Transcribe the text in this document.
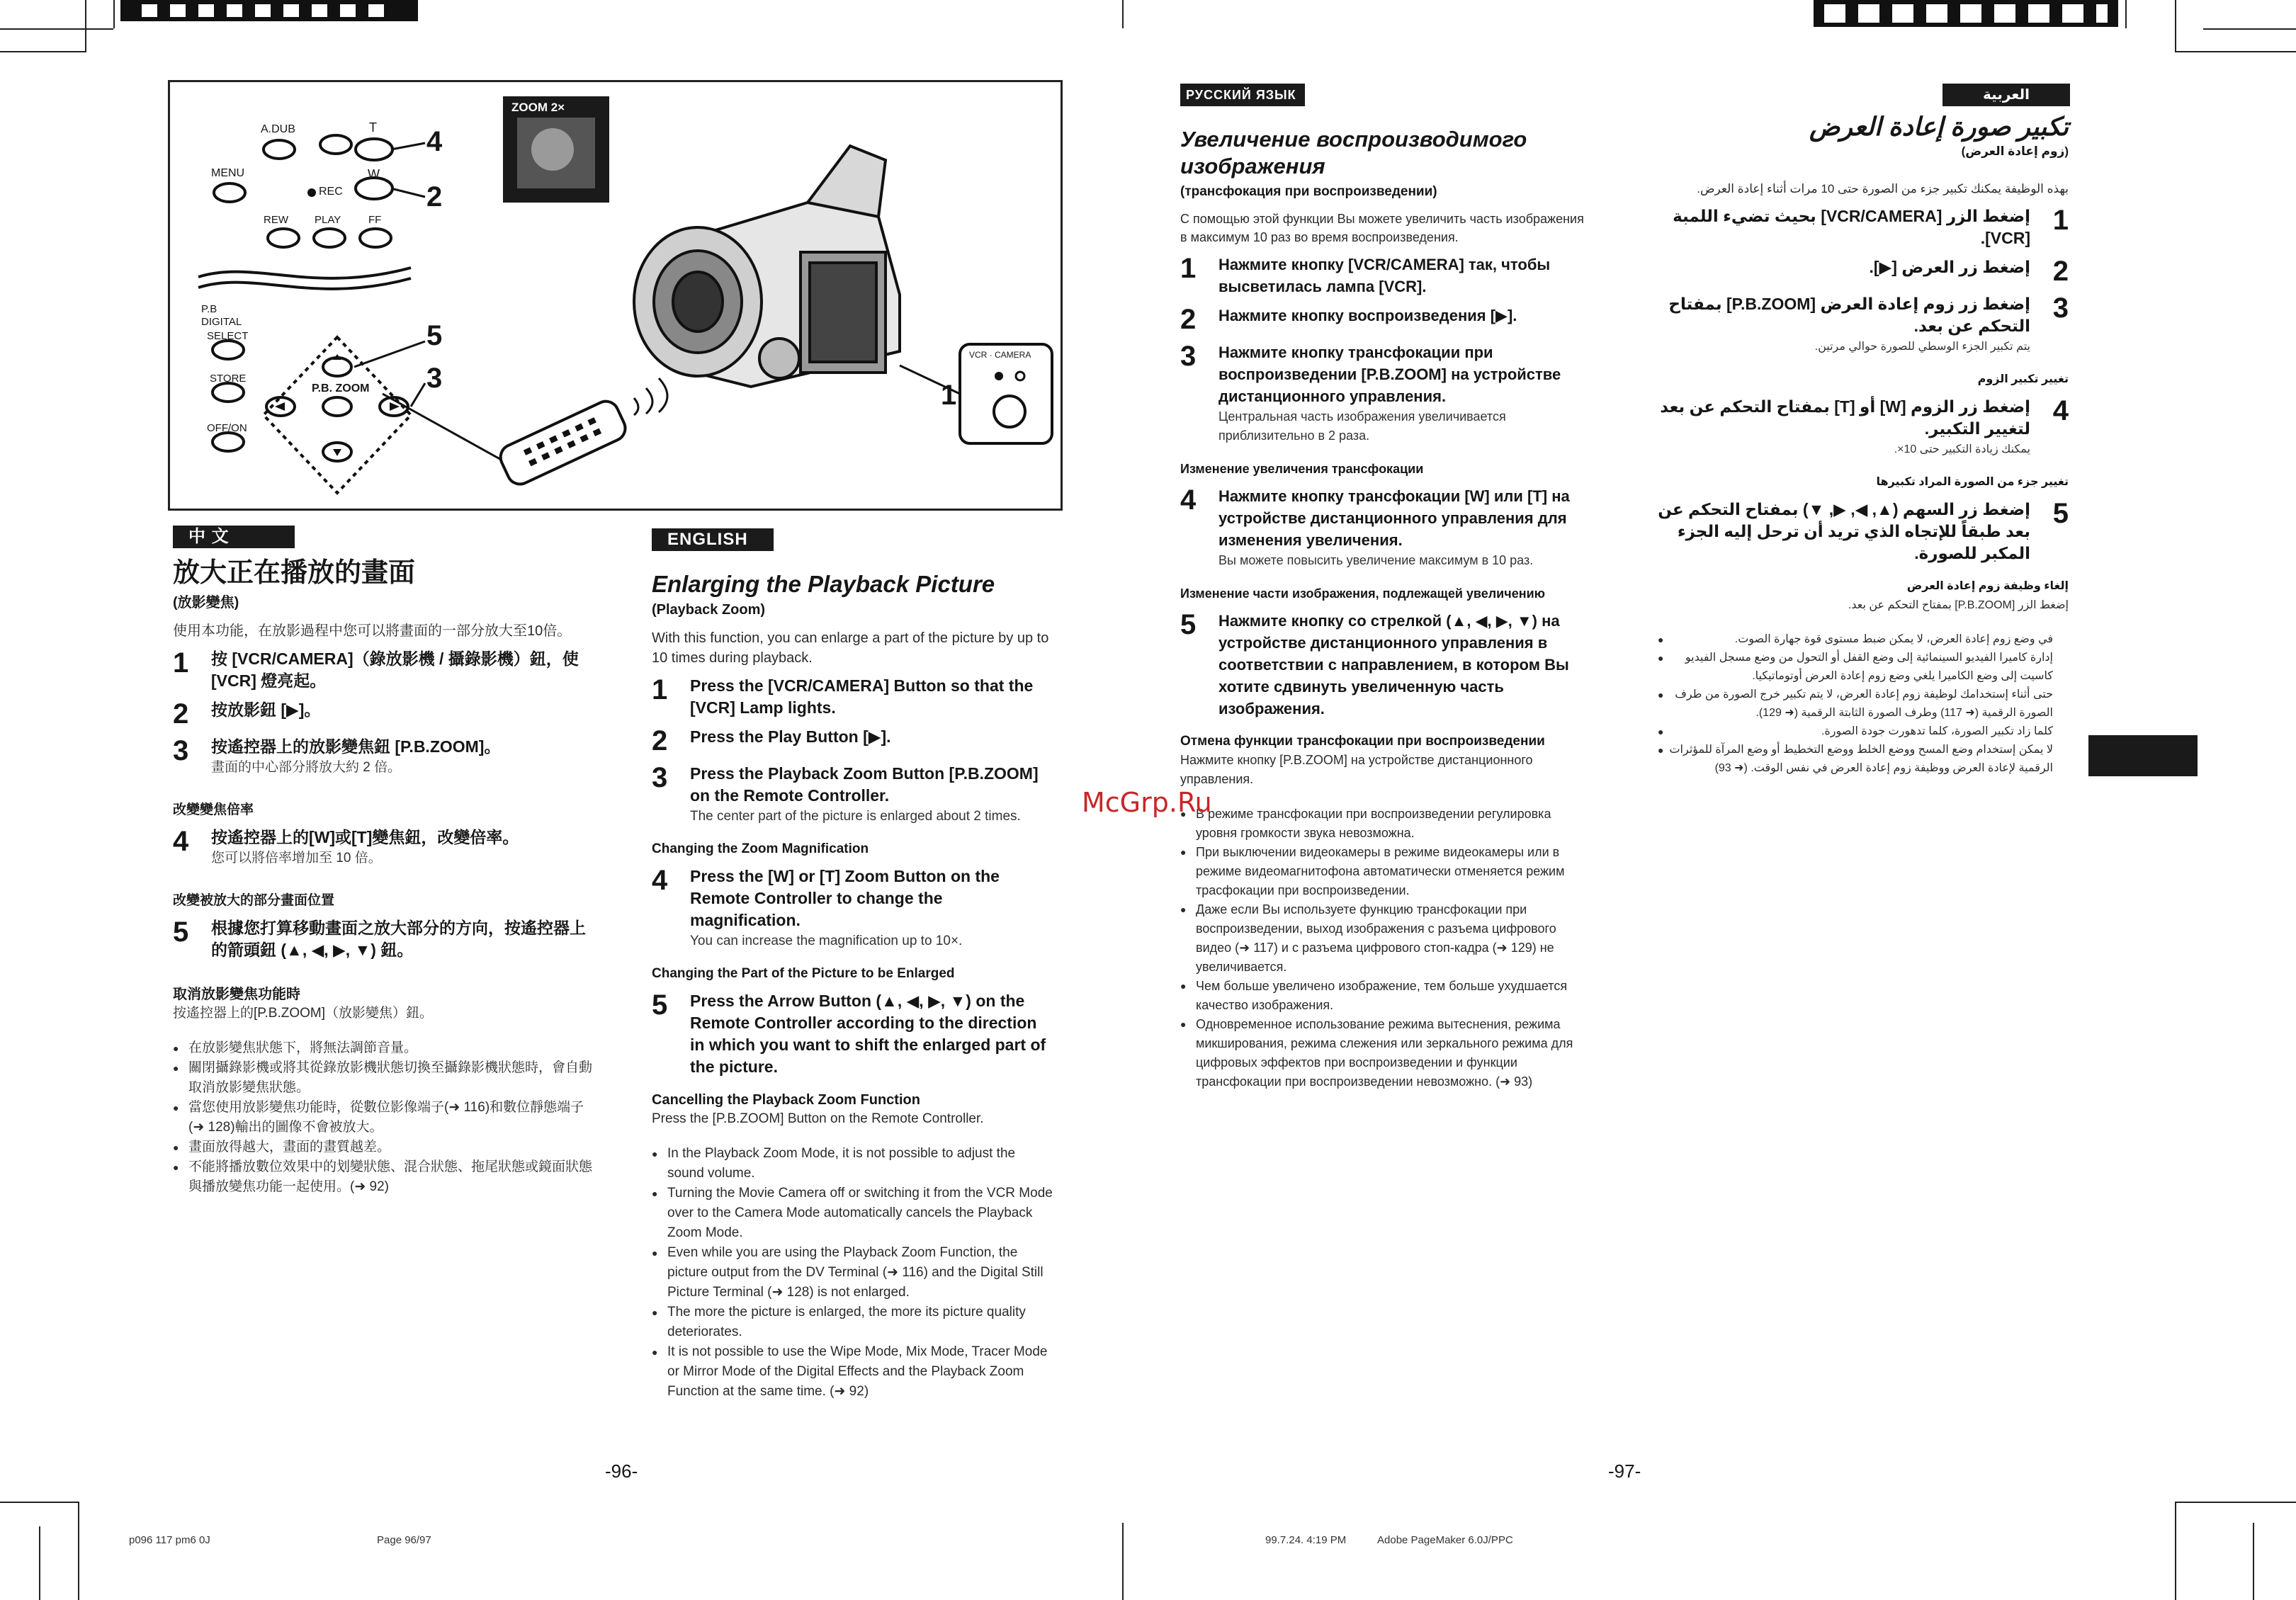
A.DUB	T
W
MENU
REC
REW PLAY	FF
P.B DIGITAL
SELECT
STORE
OFF/ON
P.B. ZOOM
4
2
5
3
1
ZOOM 2×
VCR · CAMERA
中 文
放大正在播放的畫面
(放影變焦)
使用本功能，在放影過程中您可以將畫面的一部分放大至10倍。
1	按 [VCR/CAMERA]（錄放影機 / 攝錄影機）鈕，使 [VCR] 燈亮起。
2	按放影鈕 [▶]。
3	按遙控器上的放影變焦鈕 [P.B.ZOOM]。
畫面的中心部分將放大約 2 倍。
改變變焦倍率
4	按遙控器上的[W]或[T]變焦鈕，改變倍率。
您可以將倍率增加至 10 倍。
改變被放大的部分畫面位置
5	根據您打算移動畫面之放大部分的方向，按遙控器上的箭頭鈕 (▲, ◀, ▶, ▼) 鈕。
取消放影變焦功能時
按遙控器上的[P.B.ZOOM]（放影變焦）鈕。
● 在放影變焦狀態下，將無法調節音量。
● 關閉攝錄影機或將其從錄放影機狀態切換至攝錄影機狀態時，會自動取消放影變焦狀態。
● 當您使用放影變焦功能時，從數位影像端子(➜ 116)和數位靜態端子(➜ 128)輸出的圖像不會被放大。
● 畫面放得越大，畫面的畫質越差。
● 不能將播放數位效果中的划變狀態、混合狀態、拖尾狀態或鏡面狀態與播放變焦功能一起使用。(➜ 92)
ENGLISH
Enlarging the Playback Picture
(Playback Zoom)
With this function, you can enlarge a part of the picture by up to 10 times during playback.
1	Press the [VCR/CAMERA] Button so that the [VCR] Lamp lights.
2	Press the Play Button [▶].
3	Press the Playback Zoom Button [P.B.ZOOM] on the Remote Controller.
The center part of the picture is enlarged about 2 times.
Changing the Zoom Magnification
4	Press the [W] or [T] Zoom Button on the Remote Controller to change the magnification.
You can increase the magnification up to 10×.
Changing the Part of the Picture to be Enlarged
5	Press the Arrow Button (▲, ◀, ▶, ▼) on the Remote Controller according to the direction in which you want to shift the enlarged part of the picture.
Cancelling the Playback Zoom Function
Press the [P.B.ZOOM] Button on the Remote Controller.
● In the Playback Zoom Mode, it is not possible to adjust the sound volume.
● Turning the Movie Camera off or switching it from the VCR Mode over to the Camera Mode automatically cancels the Playback Zoom Mode.
● Even while you are using the Playback Zoom Function, the picture output from the DV Terminal (➜ 116) and the Digital Still Picture Terminal (➜ 128) is not enlarged.
● The more the picture is enlarged, the more its picture quality deteriorates.
● It is not possible to use the Wipe Mode, Mix Mode, Tracer Mode or Mirror Mode of the Digital Effects and the Playback Zoom Function at the same time. (➜ 92)
РУССКИЙ ЯЗЫК
Увеличение воспроизводимого изображения
(трансфокация при воспроизведении)
С помощью этой функции Вы можете увеличить часть изображения в максимум 10 раз во время воспроизведения.
1	Нажмите кнопку [VCR/CAMERA] так, чтобы высветилась лампа [VCR].
2	Нажмите кнопку воспроизведения [▶].
3	Нажмите кнопку трансфокации при воспроизведении [P.B.ZOOM] на устройстве дистанционного управления.
Центральная часть изображения увеличивается приблизительно в 2 раза.
Изменение увеличения трансфокации
4	Нажмите кнопку трансфокации [W] или [T] на устройстве дистанционного управления для изменения увеличения.
Вы можете повысить увеличение максимум в 10 раз.
Изменение части изображения, подлежащей увеличению
5	Нажмите кнопку со стрелкой (▲, ◀, ▶, ▼) на устройстве дистанционного управления в соответствии с направлением, в котором Вы хотите сдвинуть увеличенную часть изображения.
Отмена функции трансфокации при воспроизведении
Нажмите кнопку [P.B.ZOOM] на устройстве дистанционного управления.
● В режиме трансфокации при воспроизведении регулировка уровня громкости звука невозможна.
● При выключении видеокамеры в режиме видеокамеры или в режиме видеомагнитофона автоматически отменяется режим трасфокации при воспроизведении.
● Даже если Вы используете функцию трансфокации при воспроизведении, выход изображения с разъема цифрового видео (➜ 117) и с разъема цифрового стоп-кадра (➜ 129) не увеличивается.
● Чем больше увеличено изображение, тем больше ухудшается качество изображения.
● Одновременное использование режима вытеснения, режима микширования, режима слежения или зеркального режима для цифровых эффектов при воспроизведении и функции трансфокации при воспроизведении невозможно. (➜ 93)
العربية
تكبير صورة إعادة العرض
(زوم إعادة العرض)
بهذه الوظيفة يمكنك تكبير جزء من الصورة حتى 10 مرات أثناء إعادة العرض.
1
إضغط الزر [VCR/CAMERA] بحيث تضيء اللمبة [VCR].
2
إضغط زر العرض [▶].
3
إضغط زر زوم إعادة العرض [P.B.ZOOM] بمفتاح التحكم عن بعد.
يتم تكبير الجزء الوسطي للصورة حوالي مرتين.
تغيير تكبير الزوم
4
إضغط زر الزوم [W] أو [T] بمفتاح التحكم عن بعد لتغيير التكبير.
يمكنك زيادة التكبير حتى 10×.
تغيير جزء من الصورة المراد تكبيرها
5
إضغط زر السهم (▲, ◀, ▶, ▼) بمفتاح التحكم عن بعد طبقاً للإتجاه الذي تريد أن ترحل إليه الجزء المكبر للصورة.
إلغاء وظيفة زوم إعادة العرض
إضغط الزر [P.B.ZOOM] بمفتاح التحكم عن بعد.
● في وضع زوم إعادة العرض، لا يمكن ضبط مستوى قوة جهارة الصوت.
● إدارة كاميرا الفيديو السينمائية إلى وضع القفل أو التحول من وضع مسجل الفيديو كاسيت إلى وضع الكاميرا يلغي وضع زوم إعادة العرض أوتوماتيكيا.
● حتى أثناء إستخدامك لوظيفة زوم إعادة العرض، لا يتم تكبير خرج الصورة من طرف الصورة الرقمية (➜ 117) وطرف الصورة الثابتة الرقمية (➜ 129).
● كلما زاد تكبير الصورة، كلما تدهورت جودة الصورة.
● لا يمكن إستخدام وضع المسح ووضع الخلط ووضع التخطيط أو وضع المرآة للمؤثرات الرقمية لإعادة العرض ووظيفة زوم إعادة العرض في نفس الوقت. (➜ 93)
McGrp.Ru
-96-	-97-
p096 117 pm6 0J	Page 96/97	99.7.24. 4:19 PM	Adobe PageMaker 6.0J/PPC
